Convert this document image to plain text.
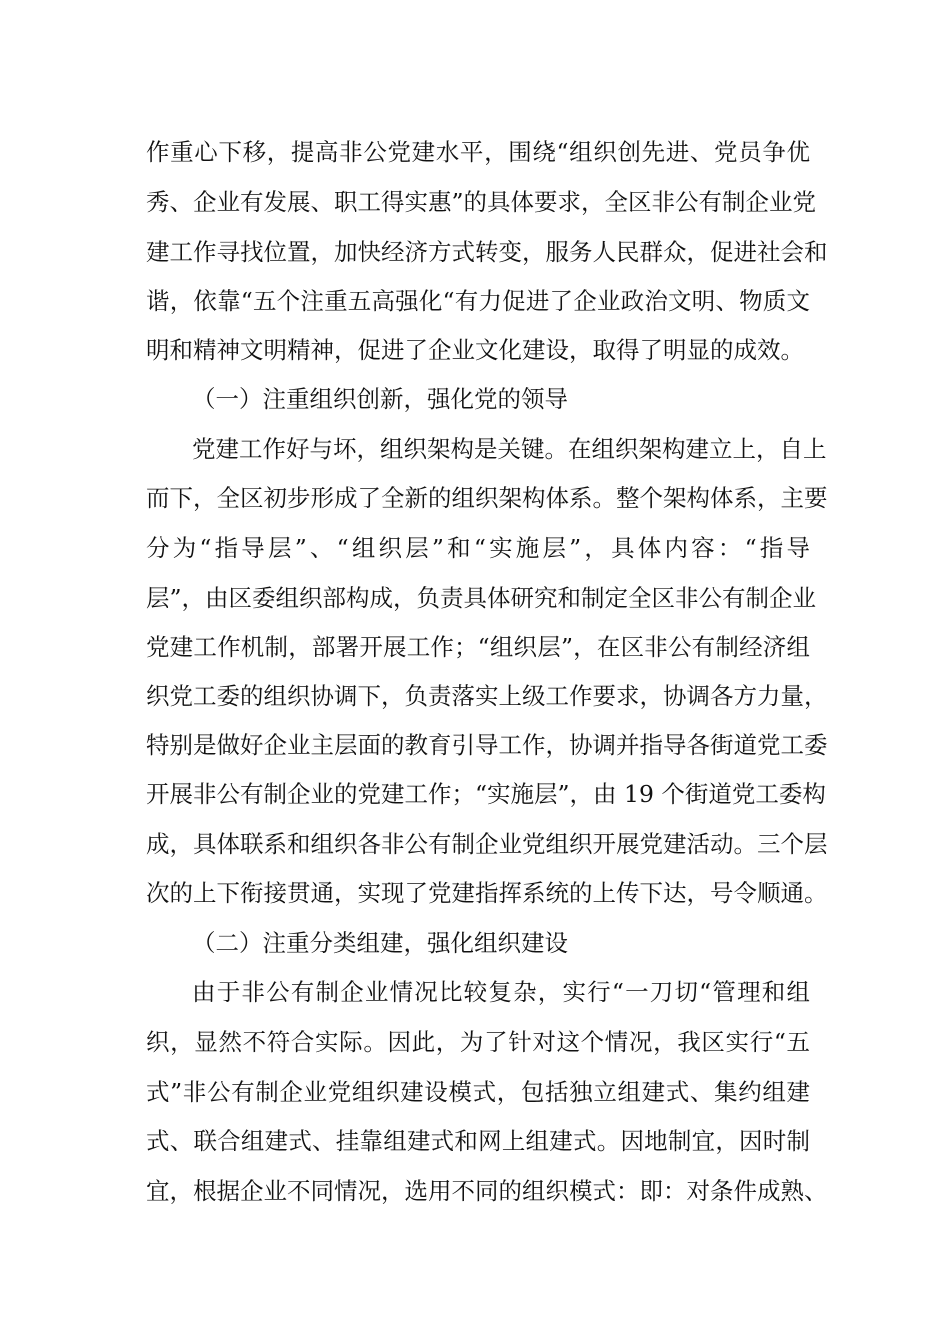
作重心下移，提高非公党建水平，围绕“组织创先进、党员争优
秀、企业有发展、职工得实惠”的具体要求，全区非公有制企业党
建工作寻找位置，加快经济方式转变，服务人民群众，促进社会和
谐，依靠“五个注重五高强化“有力促进了企业政治文明、物质文
明和精神文明精神，促进了企业文化建设，取得了明显的成效。
（一）注重组织创新，强化党的领导
党建工作好与坏，组织架构是关键。在组织架构建立上，自上
而下，全区初步形成了全新的组织架构体系。整个架构体系，主要
分为“指导层”、“组织层”和“实施层”，具体内容：“指导
层”，由区委组织部构成，负责具体研究和制定全区非公有制企业
党建工作机制，部署开展工作；“组织层”，在区非公有制经济组
织党工委的组织协调下，负责落实上级工作要求，协调各方力量，
特别是做好企业主层面的教育引导工作，协调并指导各街道党工委
开展非公有制企业的党建工作；“实施层”，由 19 个街道党工委构
成，具体联系和组织各非公有制企业党组织开展党建活动。三个层
次的上下衔接贯通，实现了党建指挥系统的上传下达，号令顺通。
（二）注重分类组建，强化组织建设
由于非公有制企业情况比较复杂，实行“一刀切“管理和组
织，显然不符合实际。因此，为了针对这个情况，我区实行“五
式”非公有制企业党组织建设模式，包括独立组建式、集约组建
式、联合组建式、挂靠组建式和网上组建式。因地制宜，因时制
宜，根据企业不同情况，选用不同的组织模式：即：对条件成熟、
